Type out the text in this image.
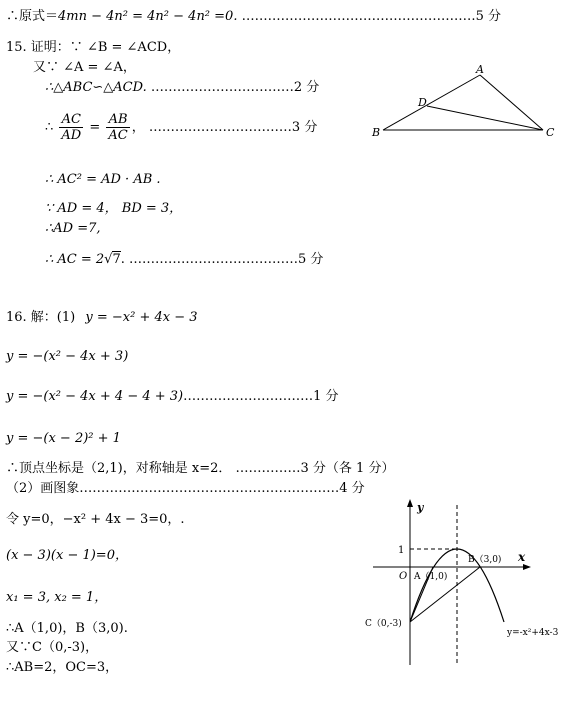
∴原式＝4mn − 4n² = 4n² − 4n² =0. ………………………………………………5 分
15. 证明：∵ ∠B = ∠ACD，
又∵ ∠A = ∠A，
∴△ABC∽△ACD. ……………………………2 分
∴ $\frac{AC}{AD} = \frac{AB}{AC}$ ， ……………………………3 分
∴ AC² = AD · AB .
∵ AD = 4， BD = 3，
∴AD =7,
∴ AC = 2√7. …………………………………5 分
A
B	C
D
16. 解：(1) y = −x² + 4x − 3
y = −(x² − 4x + 3)
y = −(x² − 4x + 4 − 4 + 3)…………………………1 分
y = −(x − 2)² + 1
∴顶点坐标是（2,1)，对称轴是 x=2． ……………3 分（各 1 分）
（2）画图象……………………………………………………4 分
令 y=0，−x² + 4x − 3=0，.
(x − 3)(x − 1)=0，
x₁ = 3, x₂ = 1，
∴A（1,0)，B（3,0).
又∵C（0,-3)，
∴AB=2，OC=3，
y
x
1
O A（1,0)
B（3,0)
C（0,-3)
y=-x²+4x-3
